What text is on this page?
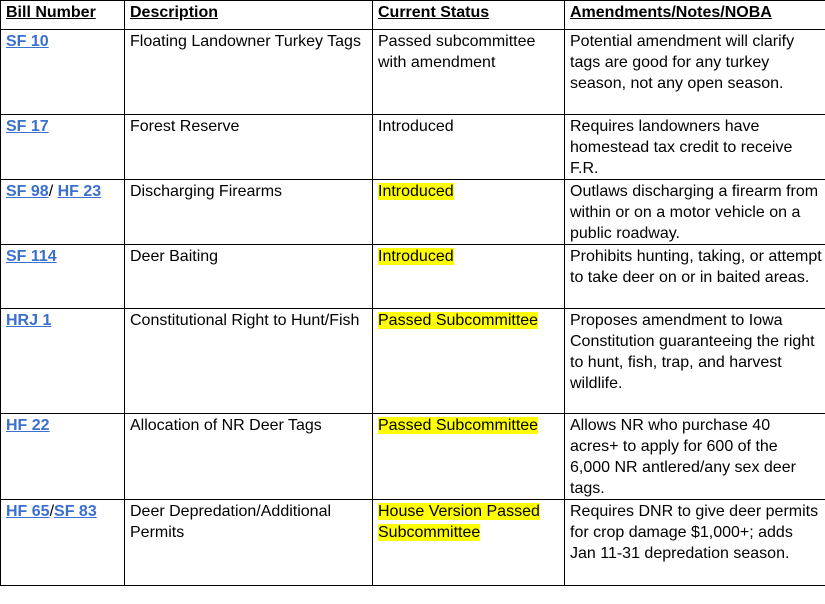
Bill Number	Description	Current Status	Amendments/Notes/NOBA
SF 10	Floating Landowner Turkey Tags	Passed subcommittee with amendment	Potential amendment will clarify tags are good for any turkey season, not any open season.
SF 17	Forest Reserve	Introduced	Requires landowners have homestead tax credit to receive F.R.
SF 98/ HF 23	Discharging Firearms	Introduced	Outlaws discharging a firearm from within or on a motor vehicle on a public roadway.
SF 114	Deer Baiting	Introduced	Prohibits hunting, taking, or attempt to take deer on or in baited areas.
HRJ 1	Constitutional Right to Hunt/Fish	Passed Subcommittee	Proposes amendment to Iowa Constitution guaranteeing the right to hunt, fish, trap, and harvest wildlife.
HF 22	Allocation of NR Deer Tags	Passed Subcommittee	Allows NR who purchase 40 acres+ to apply for 600 of the 6,000 NR antlered/any sex deer tags.
HF 65/SF 83	Deer Depredation/Additional Permits	House Version Passed Subcommittee	Requires DNR to give deer permits for crop damage $1,000+; adds Jan 11-31 depredation season.
